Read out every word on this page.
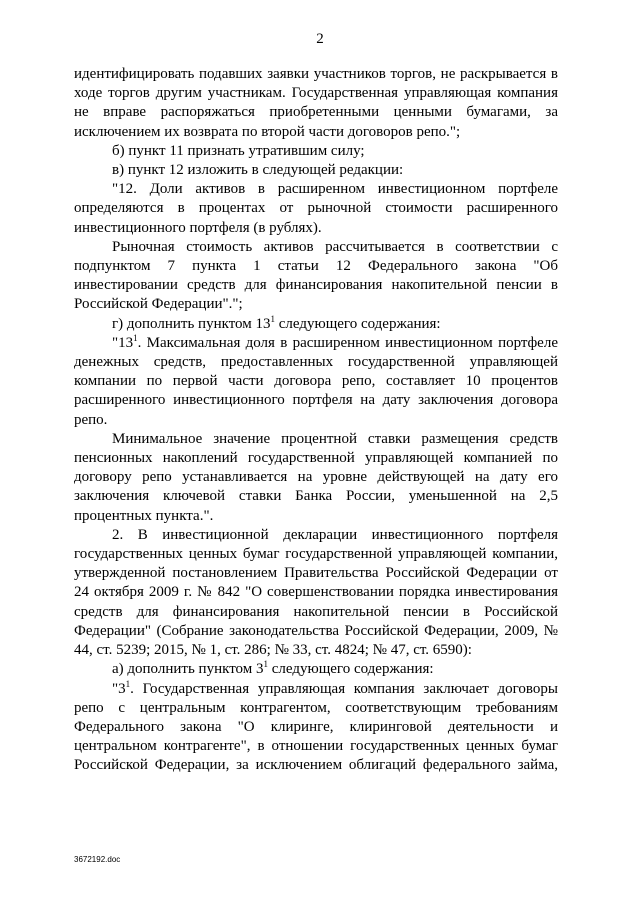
2

идентифицировать подавших заявки участников торгов, не раскрывается в ходе торгов другим участникам. Государственная управляющая компания не вправе распоряжаться приобретенными ценными бумагами, за исключением их возврата по второй части договоров репо.";

б) пункт 11 признать утратившим силу;

в) пункт 12 изложить в следующей редакции:

"12. Доли активов в расширенном инвестиционном портфеле определяются в процентах от рыночной стоимости расширенного инвестиционного портфеля (в рублях).

Рыночная стоимость активов рассчитывается в соответствии с подпунктом 7 пункта 1 статьи 12 Федерального закона "Об инвестировании средств для финансирования накопительной пенсии в Российской Федерации".";

г) дополнить пунктом $13^1$ следующего содержания:

"$13^1$. Максимальная доля в расширенном инвестиционном портфеле денежных средств, предоставленных государственной управляющей компании по первой части договора репо, составляет 10 процентов расширенного инвестиционного портфеля на дату заключения договора репо.

Минимальное значение процентной ставки размещения средств пенсионных накоплений государственной управляющей компанией по договору репо устанавливается на уровне действующей на дату его заключения ключевой ставки Банка России, уменьшенной на 2,5 процентных пункта.".

2. В инвестиционной декларации инвестиционного портфеля государственных ценных бумаг государственной управляющей компании, утвержденной постановлением Правительства Российской Федерации от 24 октября 2009 г. № 842 "О совершенствовании порядка инвестирования средств для финансирования накопительной пенсии в Российской Федерации" (Собрание законодательства Российской Федерации, 2009, № 44, ст. 5239; 2015, № 1, ст. 286; № 33, ст. 4824; № 47, ст. 6590):

а) дополнить пунктом $3^1$ следующего содержания:

"$3^1$. Государственная управляющая компания заключает договоры репо с центральным контрагентом, соответствующим требованиям Федерального закона "О клиринге, клиринговой деятельности и центральном контрагенте", в отношении государственных ценных бумаг Российской Федерации, за исключением облигаций федерального займа,

3672192.doc
